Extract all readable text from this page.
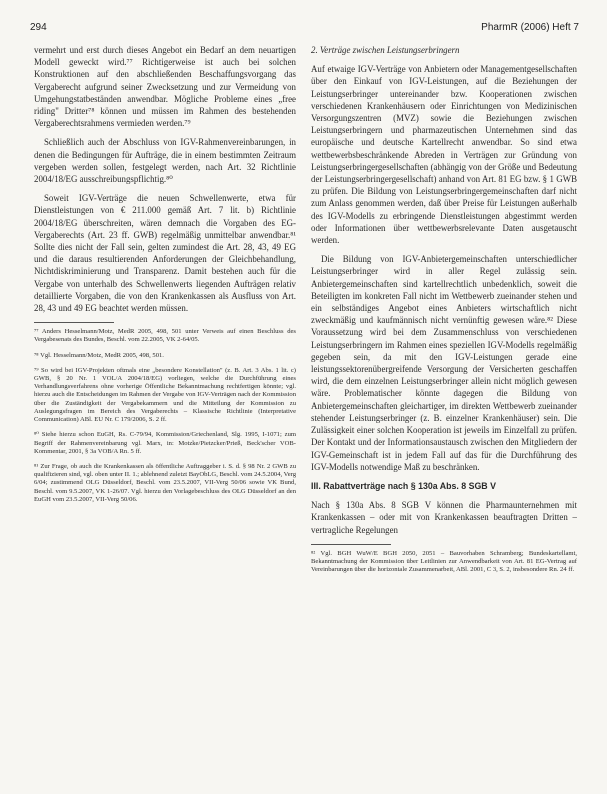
294	PharmR (2006) Heft 7

vermehrt und erst durch dieses Angebot ein Bedarf an dem neuartigen Modell geweckt wird.⁷⁷ Richtigerweise ist auch bei solchen Konstruktionen auf den abschließenden Beschaffungsvorgang das Vergaberecht aufgrund seiner Zwecksetzung und zur Vermeidung von Umgehungstatbeständen anwendbar. Mögliche Probleme eines „free riding" Dritter⁷⁸ können und müssen im Rahmen des bestehenden Vergaberechtsrahmens vermieden werden.⁷⁹

Schließlich auch der Abschluss von IGV-Rahmenvereinbarungen, in denen die Bedingungen für Aufträge, die in einem bestimmten Zeitraum vergeben werden sollen, festgelegt werden, nach Art. 32 Richtlinie 2004/18/EG ausschreibungspflichtig.⁸⁰

Soweit IGV-Verträge die neuen Schwellenwerte, etwa für Dienstleistungen von € 211.000 gemäß Art. 7 lit. b) Richtlinie 2004/18/EG überschreiten, wären demnach die Vorgaben des EG-Vergaberechts (Art. 23 ff. GWB) regelmäßig unmittelbar anwendbar.⁸¹ Sollte dies nicht der Fall sein, gelten zumindest die Art. 28, 43, 49 EG und die daraus resultierenden Anforderungen der Gleichbehandlung, Nichtdiskriminierung und Transparenz. Damit bestehen auch für die Vergabe von unterhalb des Schwellenwerts liegenden Aufträgen relativ detaillierte Vorgaben, die von den Krankenkassen als Ausfluss von Art. 28, 43 und 49 EG beachtet werden müssen.

⁷⁷ Anders Hesselmann/Motz, MedR 2005, 498, 501 unter Verweis auf einen Beschluss des Vergabesenats des Bundes, Beschl. vom 22.2005, VK 2-64/05.

⁷⁸ Vgl. Hesselmann/Motz, MedR 2005, 498, 501.

⁷⁹ So wird bei IGV-Projekten oftmals eine „besondere Konstellation" (z. B. Art. 3 Abs. 1 lit. c) GWB, § 20 Nr. 1 VOL/A 2004/18/EG) vorliegen, welche die Durchführung eines Verhandlungsverfahrens ohne vorherige Öffentliche Bekanntmachung rechtfertigen könnte; vgl. hierzu auch die Entscheidungen im Rahmen der Vergabe von IGV-Verträgen nach der Kommission über die Zuständigkeit der Vergabekammern und die Mitteilung der Kommission zu Auslegungsfragen im Bereich des Vergaberechts – Klassische Richtlinie (Interpretative Communication) ABl. EU Nr. C 179/2006, S. 2 ff.

⁸⁰ Siehe hierzu schon EuGH, Rs. C-79/94, Kommission/Griechenland, Slg. 1995, I-1071; zum Begriff der Rahmenvereinbarung vgl. Marx, in: Motzke/Pietzcker/Prieß, Beck'scher VOB-Kommentar, 2001, § 3a VOB/A Rn. 5 ff.

⁸¹ Zur Frage, ob auch die Krankenkassen als öffentliche Auftraggeber i. S. d. § 98 Nr. 2 GWB zu qualifizieren sind, vgl. oben unter II. 1.; ablehnend zuletzt BayObLG, Beschl. vom 24.5.2004, Verg 6/04; zustimmend OLG Düsseldorf, Beschl. vom 23.5.2007, VII-Verg 50/06 sowie VK Bund, Beschl. vom 9.5.2007, VK 1-26/07. Vgl. hierzu den Vorlagebeschluss des OLG Düsseldorf an den EuGH vom 23.5.2007, VII-Verg 50/06.

2. Verträge zwischen Leistungserbringern

Auf etwaige IGV-Verträge von Anbietern oder Managementgesellschaften über den Einkauf von IGV-Leistungen, auf die Beziehungen der Leistungserbringer untereinander bzw. Kooperationen zwischen verschiedenen Krankenhäusern oder Einrichtungen von Medizinischen Versorgungszentren (MVZ) sowie die Beziehungen zwischen Leistungserbringern und pharmazeutischen Unternehmen sind das europäische und deutsche Kartellrecht anwendbar. So sind etwa wettbewerbsbeschränkende Abreden in Verträgen zur Gründung von Leistungserbringergesellschaften (abhängig von der Größe und Bedeutung der Leistungserbringergesellschaft) anhand von Art. 81 EG bzw. § 1 GWB zu prüfen. Die Bildung von Leistungserbringergemeinschaften darf nicht zum Anlass genommen werden, daß über Preise für Leistungen außerhalb des IGV-Modells zu erbringende Dienstleistungen abgestimmt werden oder Informationen über wettbewerbsrelevante Daten ausgetauscht werden.

Die Bildung von IGV-Anbietergemeinschaften unterschiedlicher Leistungserbringer wird in aller Regel zulässig sein. Anbietergemeinschaften sind kartellrechtlich unbedenklich, soweit die Beteiligten im konkreten Fall nicht im Wettbewerb zueinander stehen und ein selbständiges Angebot eines Anbieters wirtschaftlich nicht zweckmäßig und kaufmännisch nicht vernünftig gewesen wäre.⁸² Diese Voraussetzung wird bei dem Zusammenschluss von verschiedenen Leistungserbringern im Rahmen eines speziellen IGV-Modells regelmäßig gegeben sein, da mit den IGV-Leistungen gerade eine leistungssektorenübergreifende Versorgung der Versicherten geschaffen wird, die dem einzelnen Leistungserbringer allein nicht möglich gewesen wäre. Problematischer könnte dagegen die Bildung von Anbietergemeinschaften gleichartiger, im direkten Wettbewerb zueinander stehender Leistungserbringer (z. B. einzelner Krankenhäuser) sein. Die Zulässigkeit einer solchen Kooperation ist jeweils im Einzelfall zu prüfen. Der Kontakt und der Informationsaustausch zwischen den Mitgliedern der IGV-Gemeinschaft ist in jedem Fall auf das für die Durchführung des IGV-Modells notwendige Maß zu beschränken.

III. Rabattverträge nach § 130a Abs. 8 SGB V

Nach § 130a Abs. 8 SGB V können die Pharmaunternehmen mit Krankenkassen – oder mit von Krankenkassen beauftragten Dritten – vertragliche Regelungen

⁸² Vgl. BGH WuW/E BGH 2050, 2051 – Bauvorhaben Schramberg; Bundeskartellamt, Bekanntmachung der Kommission über Leitlinien zur Anwendbarkeit von Art. 81 EG-Vertrag auf Vereinbarungen über die horizontale Zusammenarbeit, ABl. 2001, C 3, S. 2, insbesondere Rn. 24 ff.
